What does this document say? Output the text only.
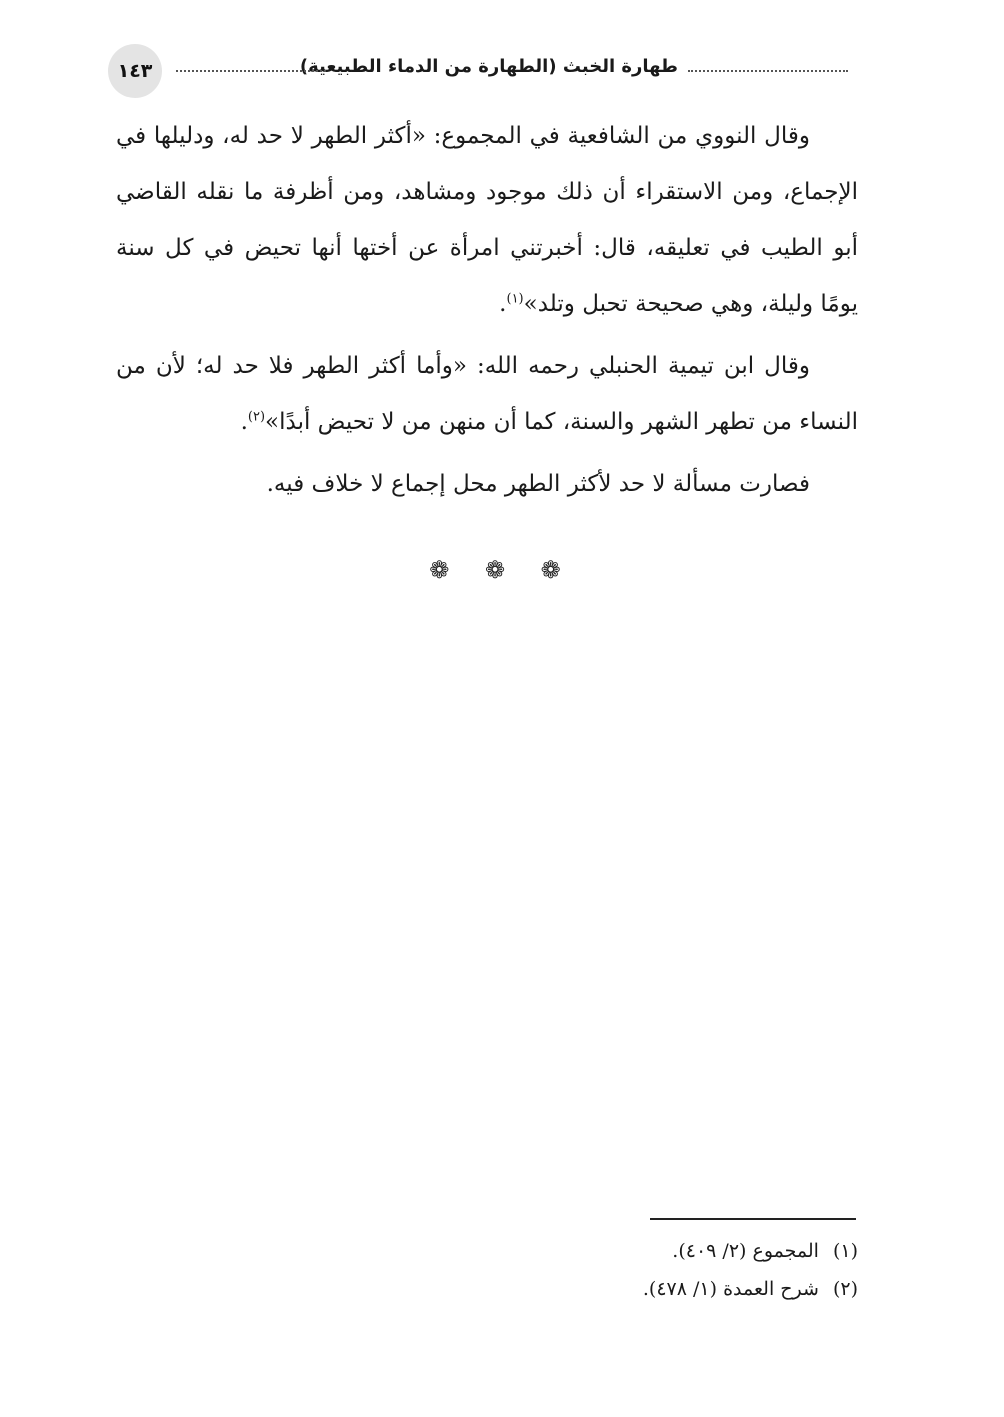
طهارة الخبث (الطهارة من الدماء الطبيعية)
١٤٣

وقال النووي من الشافعية في المجموع: «أكثر الطهر لا حد له، ودليلها في الإجماع، ومن الاستقراء أن ذلك موجود ومشاهد، ومن أظرفة ما نقله القاضي أبو الطيب في تعليقه، قال: أخبرتني امرأة عن أختها أنها تحيض في كل سنة يومًا وليلة، وهي صحيحة تحبل وتلد»$^{(١)}$.

وقال ابن تيمية الحنبلي رحمه الله: «وأما أكثر الطهر فلا حد له؛ لأن من النساء من تطهر الشهر والسنة، كما أن منهن من لا تحيض أبدًا»$^{(٢)}$.

فصارت مسألة لا حد لأكثر الطهر محل إجماع لا خلاف فيه.

❁ ❁ ❁
(١)
المجموع (٢/ ٤٠٩).
(٢)
شرح العمدة (١/ ٤٧٨).
